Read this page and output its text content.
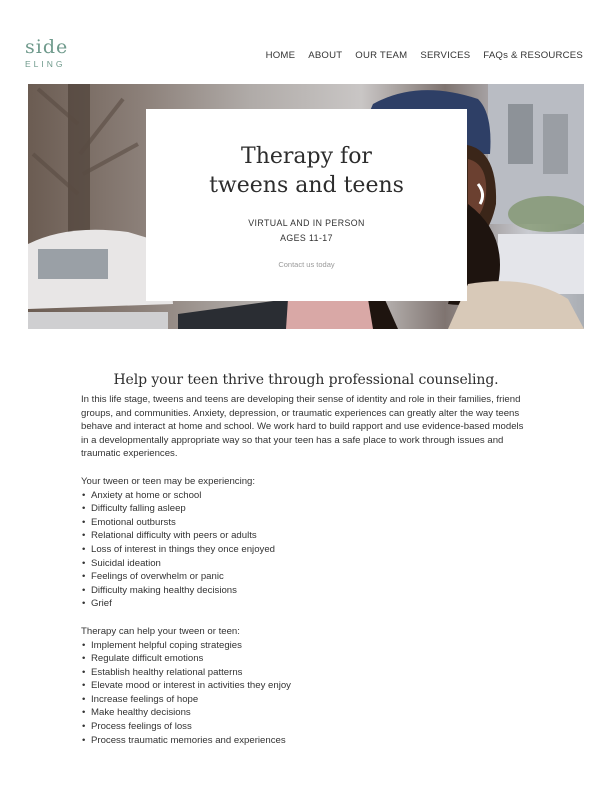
side
ELING
HOME ABOUT OUR TEAM SERVICES FAQs & RESOURCES
Therapy for
tweens and teens
VIRTUAL AND IN PERSON
AGES 11-17
Contact us today
Help your teen thrive through professional counseling.

In this life stage, tweens and teens are developing their sense of identity and role in their families, friend groups, and communities. Anxiety, depression, or traumatic experiences can greatly alter the way teens behave and interact at home and school. We work hard to build rapport and use evidence-based models in a developmentally appropriate way so that your teen has a safe place to work through issues and traumatic experiences.

Your tween or teen may be experiencing:

• Anxiety at home or school
• Difficulty falling asleep
• Emotional outbursts
• Relational difficulty with peers or adults
• Loss of interest in things they once enjoyed
• Suicidal ideation
• Feelings of overwhelm or panic
• Difficulty making healthy decisions
• Grief

Therapy can help your tween or teen:

• Implement helpful coping strategies
• Regulate difficult emotions
• Establish healthy relational patterns
• Elevate mood or interest in activities they enjoy
• Increase feelings of hope
• Make healthy decisions
• Process feelings of loss
• Process traumatic memories and experiences
